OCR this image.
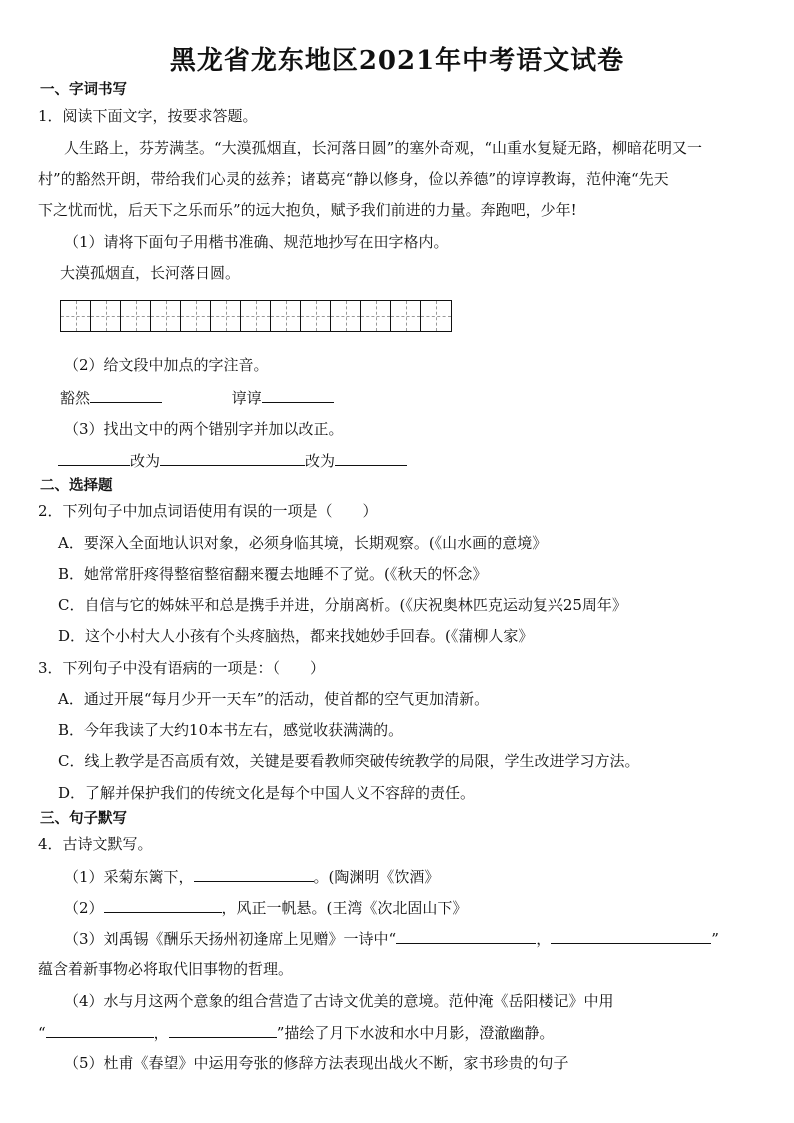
黑龙省龙东地区2021年中考语文试卷
一、字词书写
1．阅读下面文字，按要求答题。
人生路上，芬芳满茎。“大漠孤烟直，长河落日圆”的塞外奇观，“山重水复疑无路，柳暗花明又一
村”的豁然开朗，带给我们心灵的兹养；诸葛亮“静以修身，俭以养德”的谆谆教诲，范仲淹“先天
下之忧而忧，后天下之乐而乐”的远大抱负，赋予我们前进的力量。奔跑吧，少年!
（1）请将下面句子用楷书准确、规范地抄写在田字格内。
大漠孤烟直，长河落日圆。
（2）给文段中加点的字注音。
豁然	谆谆
（3）找出文中的两个错别字并加以改正。
改为	改为
二、选择题
2．下列句子中加点词语使用有误的一项是（　　）
A．要深入全面地认识对象，必须身临其境，长期观察。(《山水画的意境》
B．她常常肝疼得整宿整宿翻来覆去地睡不了觉。(《秋天的怀念》
C．自信与它的姊妹平和总是携手并进，分崩离析。(《庆祝奥林匹克运动复兴25周年》
D．这个小村大人小孩有个头疼脑热，都来找她妙手回春。(《蒲柳人家》
3．下列句子中没有语病的一项是：（　　）
A．通过开展“每月少开一天车”的活动，使首都的空气更加清新。
B．今年我读了大约10本书左右，感觉收获满满的。
C．线上教学是否高质有效，关键是要看教师突破传统教学的局限，学生改进学习方法。
D．了解并保护我们的传统文化是每个中国人义不容辞的责任。
三、句子默写
4．古诗文默写。
（1）采菊东篱下，	。(陶渊明《饮酒》
（2）	，风正一帆悬。(王湾《次北固山下》
（3）刘禹锡《酬乐天扬州初逢席上见赠》一诗中“	，	”
蕴含着新事物必将取代旧事物的哲理。
（4）水与月这两个意象的组合营造了古诗文优美的意境。范仲淹《岳阳楼记》中用
“	，	”描绘了月下水波和水中月影，澄澈幽静。
（5）杜甫《春望》中运用夸张的修辞方法表现出战火不断，家书珍贵的句子
